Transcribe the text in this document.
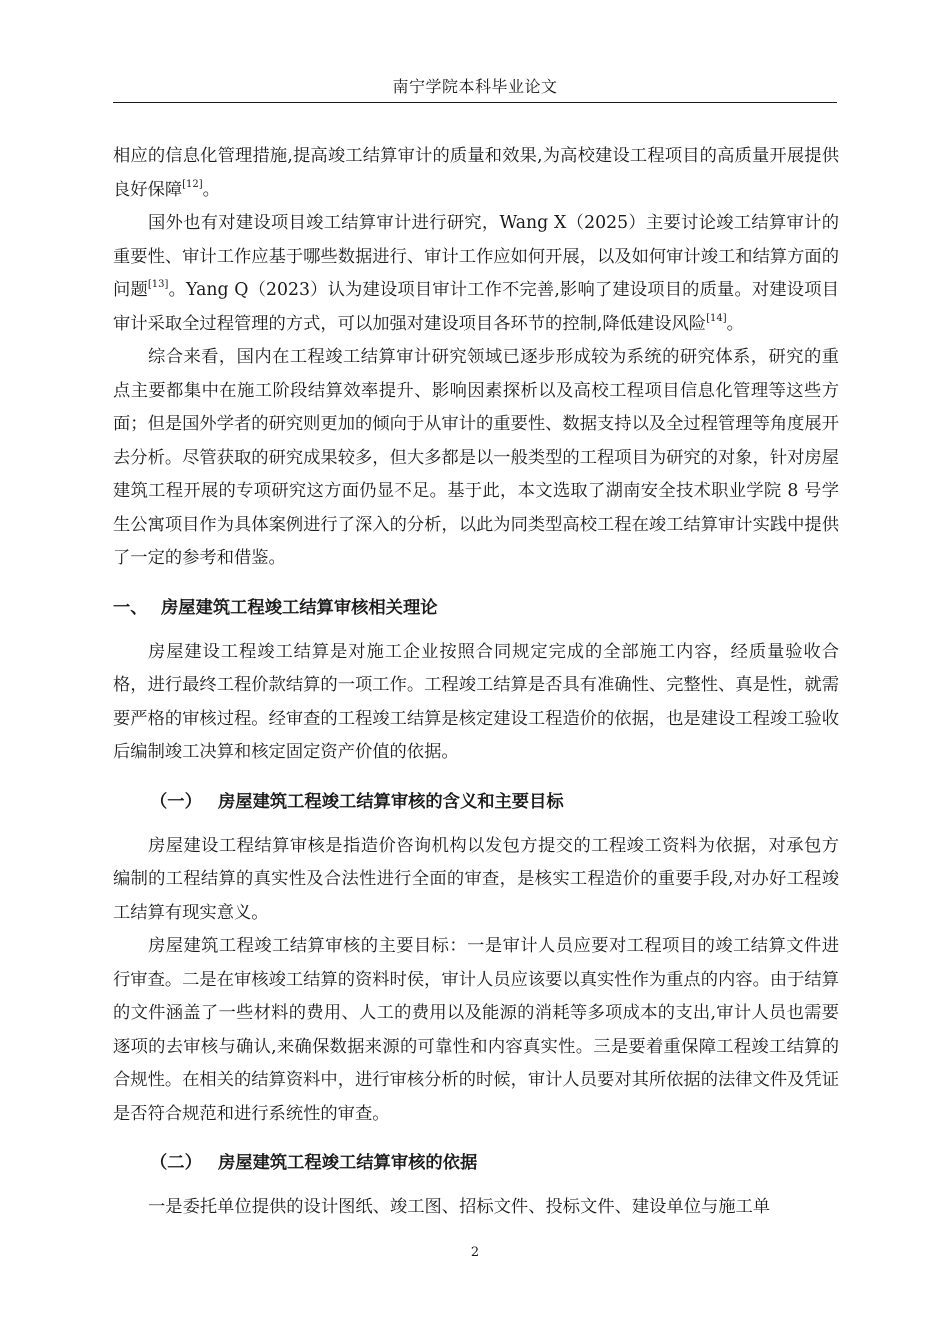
南宁学院本科毕业论文

相应的信息化管理措施,提高竣工结算审计的质量和效果,为高校建设工程项目的高质量开展提供良好保障[12]。

国外也有对建设项目竣工结算审计进行研究，Wang X（2025）主要讨论竣工结算审计的重要性、审计工作应基于哪些数据进行、审计工作应如何开展，以及如何审计竣工和结算方面的问题[13]。Yang Q（2023）认为建设项目审计工作不完善,影响了建设项目的质量。对建设项目审计采取全过程管理的方式，可以加强对建设项目各环节的控制,降低建设风险[14]。

综合来看，国内在工程竣工结算审计研究领域已逐步形成较为系统的研究体系，研究的重点主要都集中在施工阶段结算效率提升、影响因素探析以及高校工程项目信息化管理等这些方面；但是国外学者的研究则更加的倾向于从审计的重要性、数据支持以及全过程管理等角度展开去分析。尽管获取的研究成果较多，但大多都是以一般类型的工程项目为研究的对象，针对房屋建筑工程开展的专项研究这方面仍显不足。基于此，本文选取了湖南安全技术职业学院 8 号学生公寓项目作为具体案例进行了深入的分析，以此为同类型高校工程在竣工结算审计实践中提供了一定的参考和借鉴。

一、 房屋建筑工程竣工结算审核相关理论

房屋建设工程竣工结算是对施工企业按照合同规定完成的全部施工内容，经质量验收合格，进行最终工程价款结算的一项工作。工程竣工结算是否具有准确性、完整性、真是性，就需要严格的审核过程。经审查的工程竣工结算是核定建设工程造价的依据，也是建设工程竣工验收后编制竣工决算和核定固定资产价值的依据。

（一） 房屋建筑工程竣工结算审核的含义和主要目标

房屋建设工程结算审核是指造价咨询机构以发包方提交的工程竣工资料为依据，对承包方编制的工程结算的真实性及合法性进行全面的审查，是核实工程造价的重要手段,对办好工程竣工结算有现实意义。

房屋建筑工程竣工结算审核的主要目标：一是审计人员应要对工程项目的竣工结算文件进行审查。二是在审核竣工结算的资料时侯，审计人员应该要以真实性作为重点的内容。由于结算的文件涵盖了一些材料的费用、人工的费用以及能源的消耗等多项成本的支出,审计人员也需要逐项的去审核与确认,来确保数据来源的可靠性和内容真实性。三是要着重保障工程竣工结算的合规性。在相关的结算资料中，进行审核分析的时候，审计人员要对其所依据的法律文件及凭证是否符合规范和进行系统性的审查。

（二） 房屋建筑工程竣工结算审核的依据

一是委托单位提供的设计图纸、竣工图、招标文件、投标文件、建设单位与施工单

2
